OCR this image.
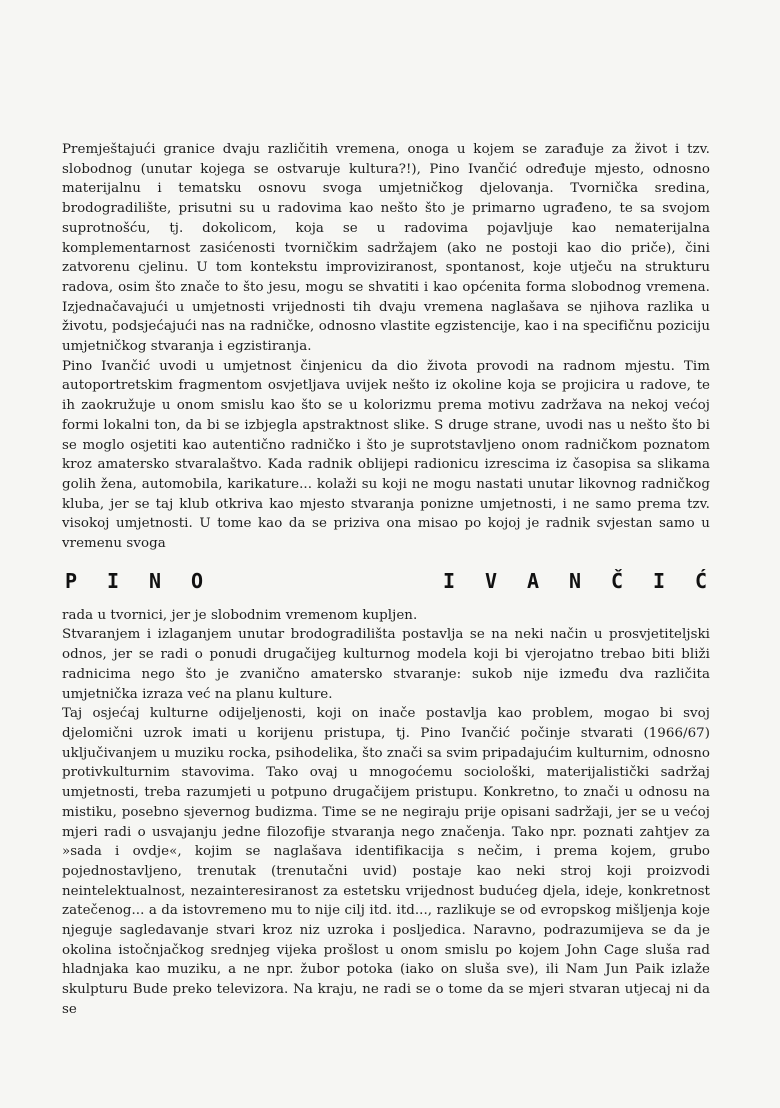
Premještajući granice dvaju različitih vremena, onoga u kojem se zarađuje za život i tzv. slobodnog (unutar kojega se ostvaruje kultura?!), Pino Ivančić određuje mjesto, odnosno materijalnu i tematsku osnovu svoga umjetničkog djelovanja. Tvornička sredina, brodogradilište, prisutni su u radovima kao nešto što je primarno ugrađeno, te sa svojom suprotnošću, tj. dokolicom, koja se u radovima pojavljuje kao nematerijalna komplementarnost zasićenosti tvorničkim sadržajem (ako ne postoji kao dio priče), čini zatvorenu cjelinu. U tom kontekstu improviziranost, spontanost, koje utječu na strukturu radova, osim što znače to što jesu, mogu se shvatiti i kao općenita forma slobodnog vremena. Izjednačavajući u umjetnosti vrijednosti tih dvaju vremena naglašava se njihova razlika u životu, podsjećajući nas na radničke, odnosno vlastite egzistencije, kao i na specifičnu poziciju umjetničkog stvaranja i egzistiranja.

Pino Ivančić uvodi u umjetnost činjenicu da dio života provodi na radnom mjestu. Tim autoportretskim fragmentom osvjetljava uvijek nešto iz okoline koja se projicira u radove, te ih zaokružuje u onom smislu kao što se u kolorizmu prema motivu zadržava na nekoj većoj formi lokalni ton, da bi se izbjegla apstraktnost slike. S druge strane, uvodi nas u nešto što bi se moglo osjetiti kao autentično radničko i što je suprotstavljeno onom radničkom poznatom kroz amatersko stvaralaštvo. Kada radnik oblijepi radionicu izrescima iz časopisa sa slikama golih žena, automobila, karikature... kolaži su koji ne mogu nastati unutar likovnog radničkog kluba, jer se taj klub otkriva kao mjesto stvaranja ponizne umjetnosti, i ne samo prema tzv. visokoj umjetnosti. U tome kao da se priziva ona misao po kojoj je radnik svjestan samo u vremenu svoga

P I N O	I V A N Č I Ć

rada u tvornici, jer je slobodnim vremenom kupljen.

Stvaranjem i izlaganjem unutar brodogradilišta postavlja se na neki način u prosvjetiteljski odnos, jer se radi o ponudi drugačijeg kulturnog modela koji bi vjerojatno trebao biti bliži radnicima nego što je zvanično amatersko stvaranje: sukob nije između dva različita umjetnička izraza već na planu kulture.

Taj osjećaj kulturne odijeljenosti, koji on inače postavlja kao problem, mogao bi svoj djelomični uzrok imati u korijenu pristupa, tj. Pino Ivančić počinje stvarati (1966/67) uključivanjem u muziku rocka, psihodelika, što znači sa svim pripadajućim kulturnim, odnosno protivkulturnim stavovima. Tako ovaj u mnogoćemu sociološki, materijalistički sadržaj umjetnosti, treba razumjeti u potpuno drugačijem pristupu. Konkretno, to znači u odnosu na mistiku, posebno sjevernog budizma. Time se ne negiraju prije opisani sadržaji, jer se u većoj mjeri radi o usvajanju jedne filozofije stvaranja nego značenja. Tako npr. poznati zahtjev za »sada i ovdje«, kojim se naglašava identifikacija s nečim, i prema kojem, grubo pojednostavljeno, trenutak (trenutačni uvid) postaje kao neki stroj koji proizvodi neintelektualnost, nezainteresiranost za estetsku vrijednost budućeg djela, ideje, konkretnost zatečenog... a da istovremeno mu to nije cilj itd. itd..., razlikuje se od evropskog mišljenja koje njeguje sagledavanje stvari kroz niz uzroka i posljedica. Naravno, podrazumijeva se da je okolina istočnjačkog srednjeg vijeka prošlost u onom smislu po kojem John Cage sluša rad hladnjaka kao muziku, a ne npr. žubor potoka (iako on sluša sve), ili Nam Jun Paik izlaže skulpturu Bude preko televizora. Na kraju, ne radi se o tome da se mjeri stvaran utjecaj ni da se
